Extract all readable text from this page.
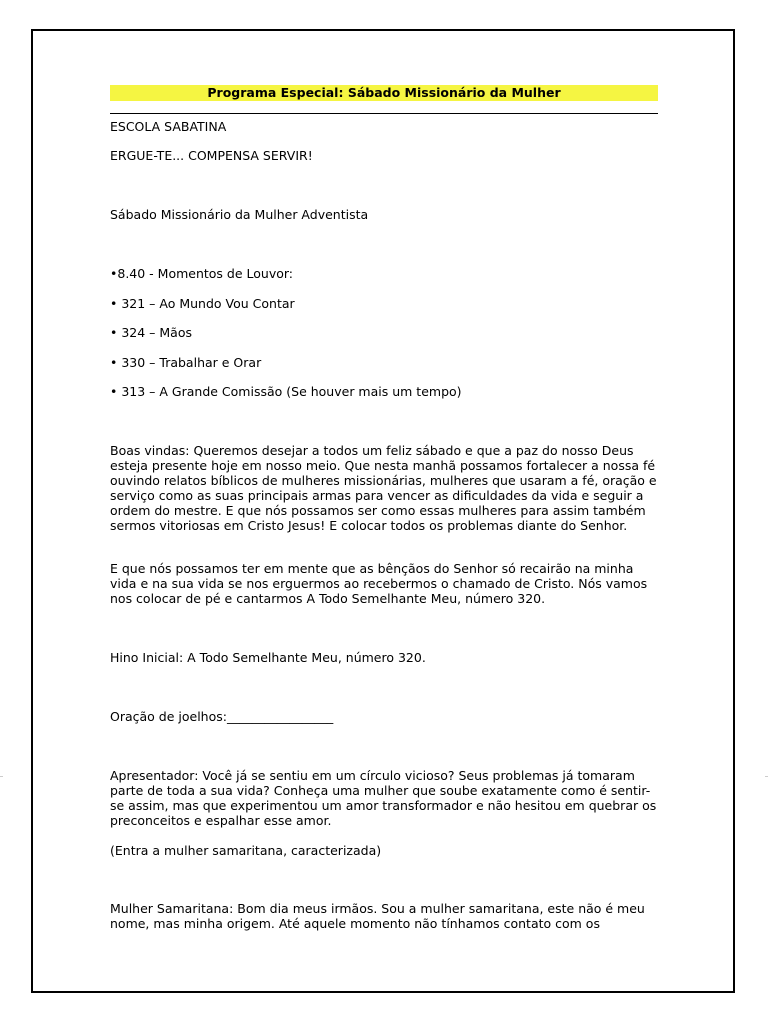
Programa Especial: Sábado Missionário da Mulher

ESCOLA SABATINA

ERGUE-TE... COMPENSA SERVIR!

Sábado Missionário da Mulher Adventista

•8.40 - Momentos de Louvor:

• 321 – Ao Mundo Vou Contar

• 324 – Mãos

• 330 – Trabalhar e Orar

• 313 – A Grande Comissão (Se houver mais um tempo)

Boas vindas: Queremos desejar a todos um feliz sábado e que a paz do nosso Deus esteja presente hoje em nosso meio. Que nesta manhã possamos fortalecer a nossa fé ouvindo relatos bíblicos de mulheres missionárias, mulheres que usaram a fé, oração e serviço como as suas principais armas para vencer as dificuldades da vida e seguir a ordem do mestre. E que nós possamos ser como essas mulheres para assim também sermos vitoriosas em Cristo Jesus! E colocar todos os problemas diante do Senhor.

E que nós possamos ter em mente que as bênçãos do Senhor só recairão na minha vida e na sua vida se nos erguermos ao recebermos o chamado de Cristo. Nós vamos nos colocar de pé e cantarmos A Todo Semelhante Meu, número 320.

Hino Inicial: A Todo Semelhante Meu, número 320.

Oração de joelhos:_________________

Apresentador: Você já se sentiu em um círculo vicioso? Seus problemas já tomaram parte de toda a sua vida? Conheça uma mulher que soube exatamente como é sentir-se assim, mas que experimentou um amor transformador e não hesitou em quebrar os preconceitos e espalhar esse amor.

(Entra a mulher samaritana, caracterizada)

Mulher Samaritana: Bom dia meus irmãos. Sou a mulher samaritana, este não é meu nome, mas minha origem. Até aquele momento não tínhamos contato com os
